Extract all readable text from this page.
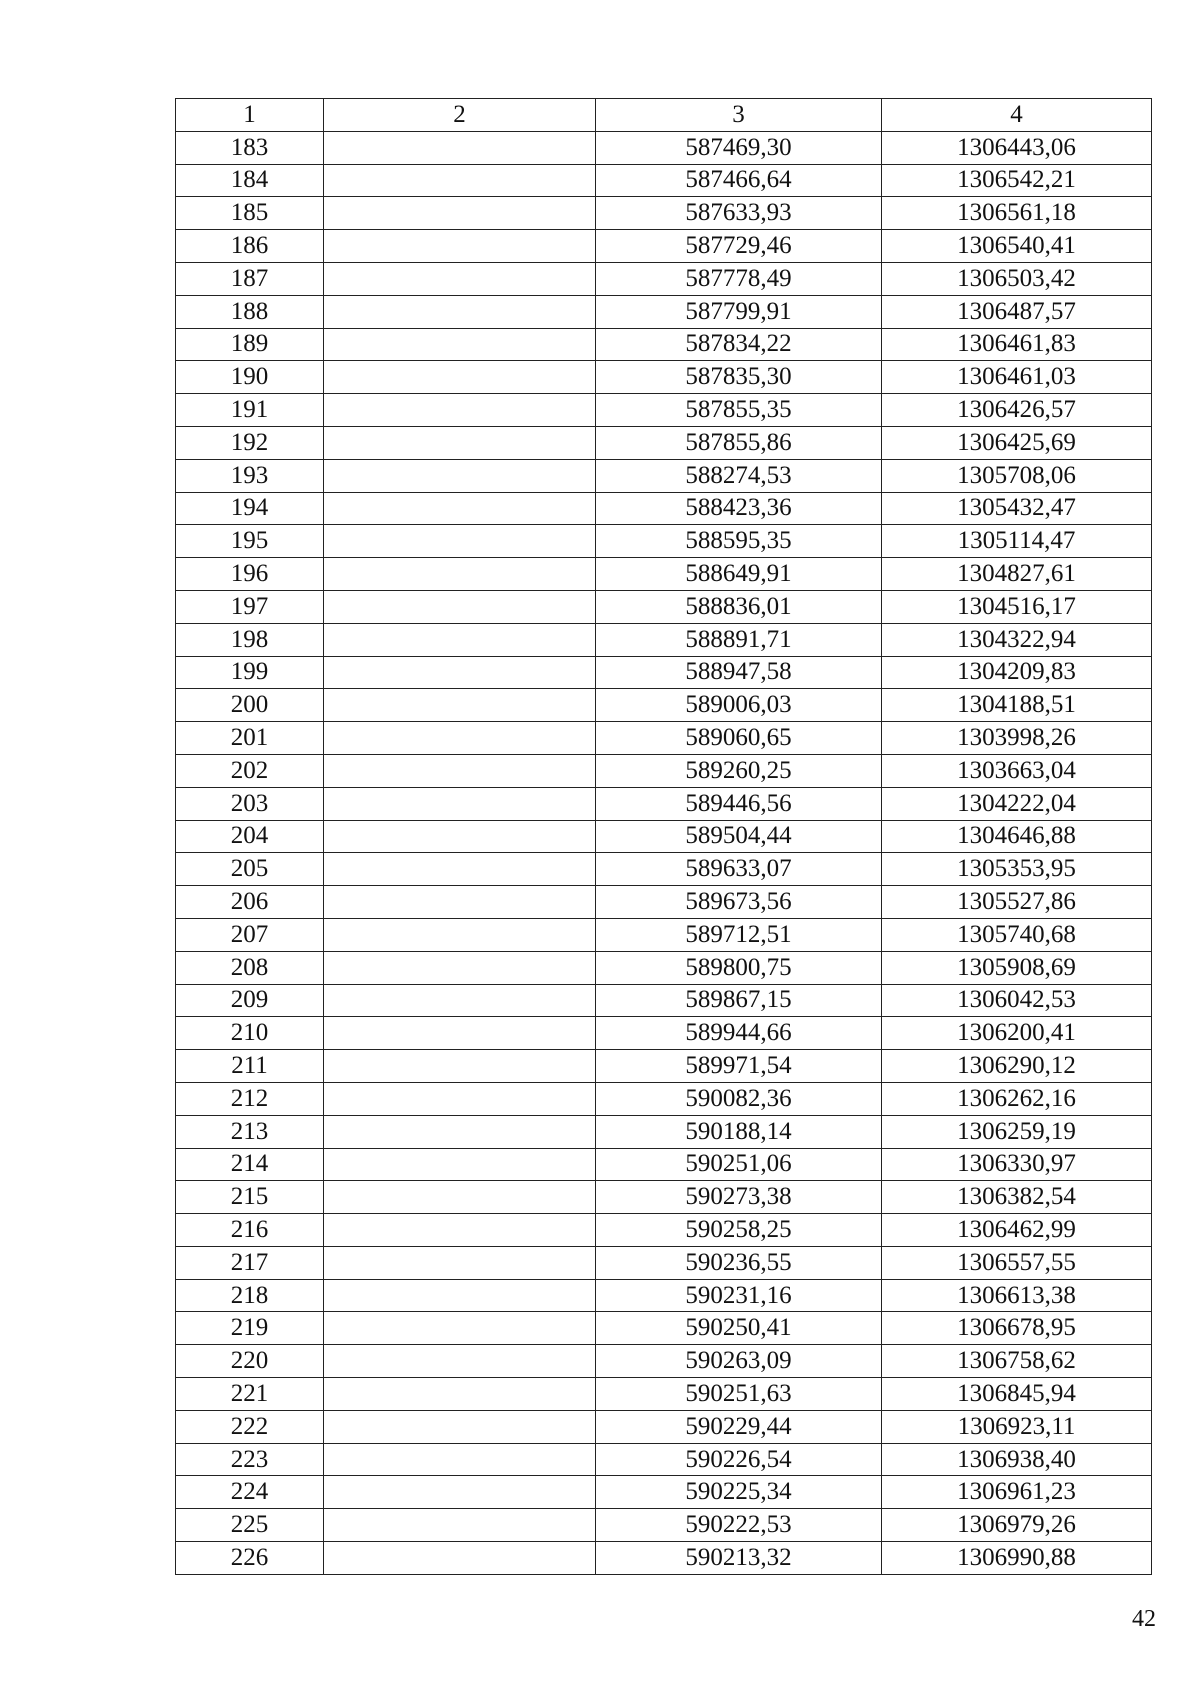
1	2	3	4
183		587469,30	1306443,06
184		587466,64	1306542,21
185		587633,93	1306561,18
186		587729,46	1306540,41
187		587778,49	1306503,42
188		587799,91	1306487,57
189		587834,22	1306461,83
190		587835,30	1306461,03
191		587855,35	1306426,57
192		587855,86	1306425,69
193		588274,53	1305708,06
194		588423,36	1305432,47
195		588595,35	1305114,47
196		588649,91	1304827,61
197		588836,01	1304516,17
198		588891,71	1304322,94
199		588947,58	1304209,83
200		589006,03	1304188,51
201		589060,65	1303998,26
202		589260,25	1303663,04
203		589446,56	1304222,04
204		589504,44	1304646,88
205		589633,07	1305353,95
206		589673,56	1305527,86
207		589712,51	1305740,68
208		589800,75	1305908,69
209		589867,15	1306042,53
210		589944,66	1306200,41
211		589971,54	1306290,12
212		590082,36	1306262,16
213		590188,14	1306259,19
214		590251,06	1306330,97
215		590273,38	1306382,54
216		590258,25	1306462,99
217		590236,55	1306557,55
218		590231,16	1306613,38
219		590250,41	1306678,95
220		590263,09	1306758,62
221		590251,63	1306845,94
222		590229,44	1306923,11
223		590226,54	1306938,40
224		590225,34	1306961,23
225		590222,53	1306979,26
226		590213,32	1306990,88
42
